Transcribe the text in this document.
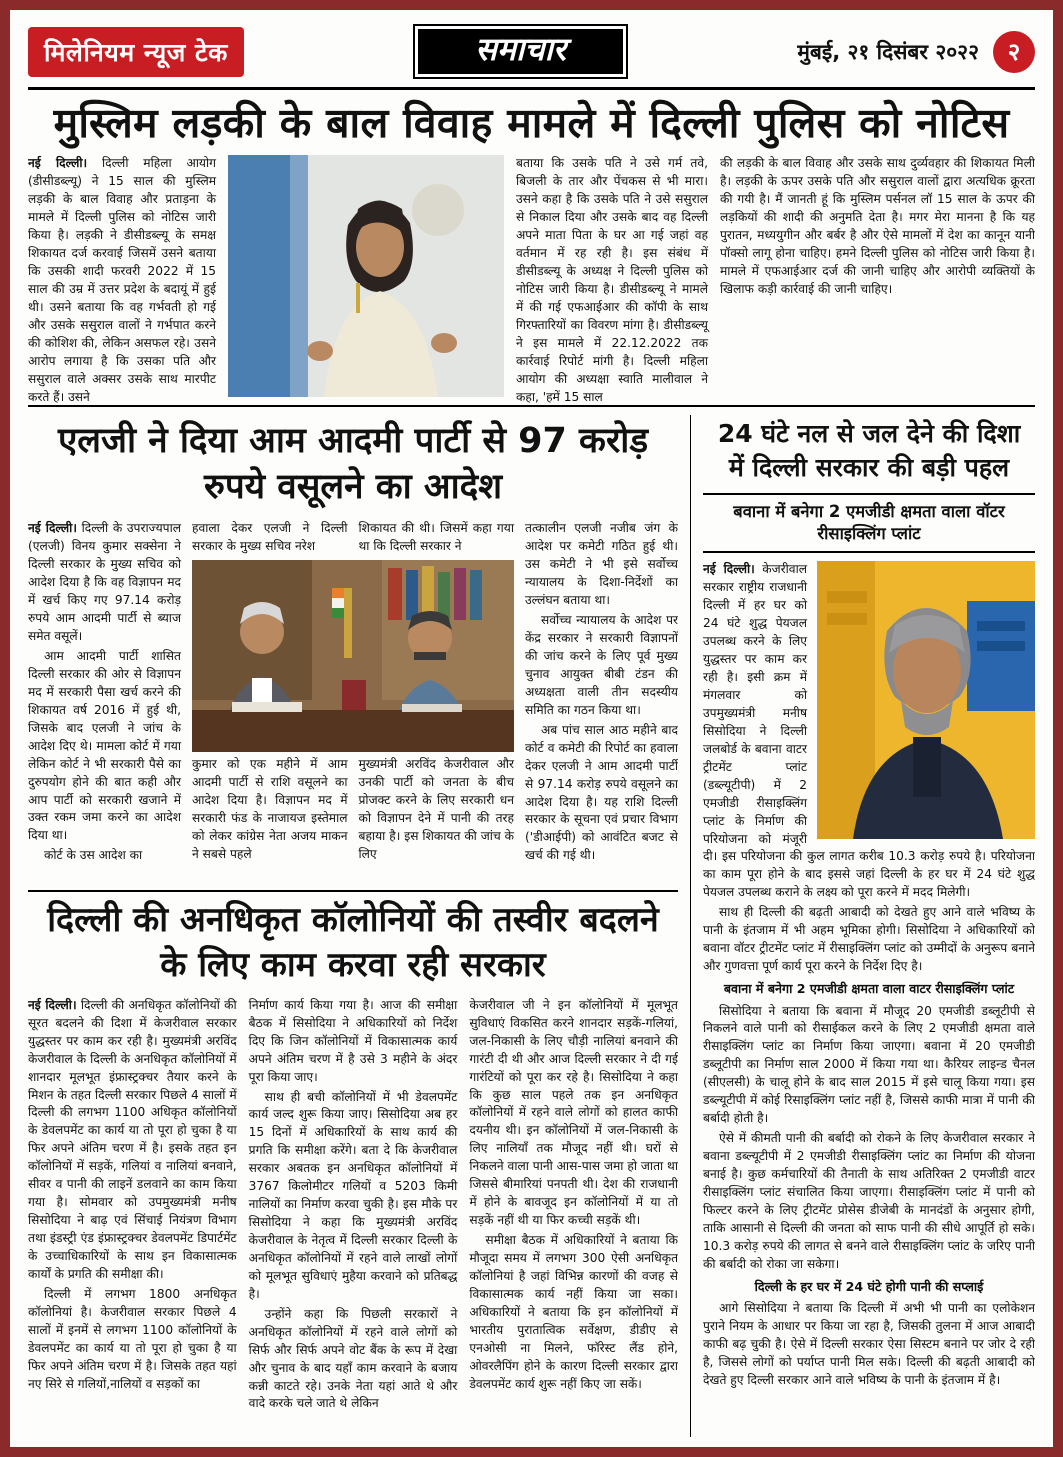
मिलेनियम न्यूज टेक	समाचार	मुंबई, २१ दिसंबर २०२२	२
मुस्लिम लड़की के बाल विवाह मामले में दिल्ली पुलिस को नोटिस

नई दिल्ली। दिल्ली महिला आयोग (डीसीडब्ल्यू) ने 15 साल की मुस्लिम लड़की के बाल विवाह और प्रताड़ना के मामले में दिल्ली पुलिस को नोटिस जारी किया है। लड़की ने डीसीडब्ल्यू के समक्ष शिकायत दर्ज करवाई जिसमें उसने बताया कि उसकी शादी फरवरी 2022 में 15 साल की उम्र में उत्तर प्रदेश के बदायूं में हुई थी। उसने बताया कि वह गर्भवती हो गई और उसके ससुराल वालों ने गर्भपात करने की कोशिश की, लेकिन असफल रहे। उसने आरोप लगाया है कि उसका पति और ससुराल वाले अक्सर उसके साथ मारपीट करते हैं। उसने

बताया कि उसके पति ने उसे गर्म तवे, बिजली के तार और पेंचकस से भी मारा। उसने कहा है कि उसके पति ने उसे ससुराल से निकाल दिया और उसके बाद वह दिल्ली अपने माता पिता के घर आ गई जहां वह वर्तमान में रह रही है। इस संबंध में डीसीडब्ल्यू के अध्यक्ष ने दिल्ली पुलिस को नोटिस जारी किया है। डीसीडब्ल्यू ने मामले में की गई एफआईआर की कॉपी के साथ गिरफ्तारियों का विवरण मांगा है। डीसीडब्ल्यू ने इस मामले में 22.12.2022 तक कार्रवाई रिपोर्ट मांगी है। दिल्ली महिला आयोग की अध्यक्षा स्वाति मालीवाल ने कहा, 'हमें 15 साल

की लड़की के बाल विवाह और उसके साथ दुर्व्यवहार की शिकायत मिली है। लड़की के ऊपर उसके पति और ससुराल वालों द्वारा अत्यधिक क्रूरता की गयी है। मैं जानती हूं कि मुस्लिम पर्सनल लॉ 15 साल के ऊपर की लड़कियों की शादी की अनुमति देता है। मगर मेरा मानना है कि यह पुरातन, मध्ययुगीन और बर्बर है और ऐसे मामलों में देश का कानून यानी पॉक्सो लागू होना चाहिए। हमने दिल्ली पुलिस को नोटिस जारी किया है। मामले में एफआईआर दर्ज की जानी चाहिए और आरोपी व्यक्तियों के खिलाफ कड़ी कार्रवाई की जानी चाहिए।

एलजी ने दिया आम आदमी पार्टी से 97 करोड़ रुपये वसूलने का आदेश

नई दिल्ली। दिल्ली के उपराज्यपाल (एलजी) विनय कुमार सक्सेना ने दिल्ली सरकार के मुख्य सचिव को आदेश दिया है कि वह विज्ञापन मद में खर्च किए गए 97.14 करोड़ रुपये आम आदमी पार्टी से ब्याज समेत वसूलें।

आम आदमी पार्टी शासित दिल्ली सरकार की ओर से विज्ञापन मद में सरकारी पैसा खर्च करने की शिकायत वर्ष 2016 में हुई थी, जिसके बाद एलजी ने जांच के आदेश दिए थे। मामला कोर्ट में गया लेकिन कोर्ट ने भी सरकारी पैसे का दुरुपयोग होने की बात कही और आप पार्टी को सरकारी खजाने में उक्त रकम जमा करने का आदेश दिया था।

कोर्ट के उस आदेश का

हवाला देकर एलजी ने दिल्ली सरकार के मुख्य सचिव नरेश
शिकायत की थी। जिसमें कहा गया था कि दिल्ली सरकार ने
कुमार को एक महीने में आम आदमी पार्टी से राशि वसूलने का आदेश दिया है। विज्ञापन मद में सरकारी फंड के नाजायज इस्तेमाल को लेकर कांग्रेस नेता अजय माकन ने सबसे पहले
मुख्यमंत्री अरविंद केजरीवाल और उनकी पार्टी को जनता के बीच प्रोजक्ट करने के लिए सरकारी धन को विज्ञापन देने में पानी की तरह बहाया है। इस शिकायत की जांच के लिए

तत्कालीन एलजी नजीब जंग के आदेश पर कमेटी गठित हुई थी। उस कमेटी ने भी इसे सर्वोच्च न्यायालय के दिशा-निर्देशों का उल्लंघन बताया था।

सर्वोच्च न्यायालय के आदेश पर केंद्र सरकार ने सरकारी विज्ञापनों की जांच करने के लिए पूर्व मुख्य चुनाव आयुक्त बीबी टंडन की अध्यक्षता वाली तीन सदस्यीय समिति का गठन किया था।

अब पांच साल आठ महीने बाद कोर्ट व कमेटी की रिपोर्ट का हवाला देकर एलजी ने आम आदमी पार्टी से 97.14 करोड़ रुपये वसूलने का आदेश दिया है। यह राशि दिल्ली सरकार के सूचना एवं प्रचार विभाग ('डीआईपी) को आवंटित बजट से खर्च की गई थी।

दिल्ली की अनधिकृत कॉलोनियों की तस्वीर बदलने के लिए काम करवा रही सरकार

नई दिल्ली। दिल्ली की अनधिकृत कॉलोनियों की सूरत बदलने की दिशा में केजरीवाल सरकार युद्धस्तर पर काम कर रही है। मुख्यमंत्री अरविंद केजरीवाल के दिल्ली के अनधिकृत कॉलोनियों में शानदार मूलभूत इंफ्रास्ट्रक्चर तैयार करने के मिशन के तहत दिल्ली सरकार पिछले 4 सालों में दिल्ली की लगभग 1100 अधिकृत कॉलोनियों के डेवलपमेंट का कार्य या तो पूरा हो चुका है या फिर अपने अंतिम चरण में है। इसके तहत इन कॉलोनियों में सड़कें, गलियां व नालियां बनवाने, सीवर व पानी की लाइनें डलवाने का काम किया गया है। सोमवार को उपमुख्यमंत्री मनीष सिसोदिया ने बाढ़ एवं सिंचाई नियंत्रण विभाग तथा इंडस्ट्री एंड इंफ्रास्ट्रक्चर डेवलपमेंट डिपार्टमेंट के उच्चाधिकारियों के साथ इन विकासात्मक कार्यों के प्रगति की समीक्षा की।

दिल्ली में लगभग 1800 अनधिकृत कॉलोनियां है। केजरीवाल सरकार पिछले 4 सालों में इनमें से लगभग 1100 कॉलोनियों के डेवलपमेंट का कार्य या तो पूरा हो चुका है या फिर अपने अंतिम चरण में है। जिसके तहत यहां नए सिरे से गलियों,नालियों व सड़कों का

निर्माण कार्य किया गया है। आज की समीक्षा बैठक में सिसोदिया ने अधिकारियों को निर्देश दिए कि जिन कॉलोनियों में विकासात्मक कार्य अपने अंतिम चरण में है उसे 3 महीने के अंदर पूरा किया जाए।

साथ ही बची कॉलोनियों में भी डेवलपमेंट कार्य जल्द शुरू किया जाए। सिसोदिया अब हर 15 दिनों में अधिकारियों के साथ कार्य की प्रगति कि समीक्षा करेंगे। बता दे कि केजरीवाल सरकार अबतक इन अनधिकृत कॉलोनियों में 3767 किलोमीटर गलियों व 5203 किमी नालियों का निर्माण करवा चुकी है। इस मौके पर सिसोदिया ने कहा कि मुख्यमंत्री अरविंद केजरीवाल के नेतृत्व में दिल्ली सरकार दिल्ली के अनधिकृत कॉलोनियों में रहने वाले लाखों लोगों को मूलभूत सुविधाएं मुहैया करवाने को प्रतिबद्ध है।

उन्होंने कहा कि पिछली सरकारों ने अनधिकृत कॉलोनियों में रहने वाले लोगों को सिर्फ और सिर्फ अपने वोट बैंक के रूप में देखा और चुनाव के बाद यहाँ काम करवाने के बजाय कन्नी काटते रहे। उनके नेता यहां आते थे और वादे करके चले जाते थे लेकिन

केजरीवाल जी ने इन कॉलोनियों में मूलभूत सुविधाएं विकसित करने शानदार सड़कें-गलियां, जल-निकासी के लिए चौड़ी नालियां बनवाने की गारंटी दी थी और आज दिल्ली सरकार ने दी गई गारंटियों को पूरा कर रहे है। सिसोदिया ने कहा कि कुछ साल पहले तक इन अनधिकृत कॉलोनियों में रहने वाले लोगों को हालत काफी दयनीय थी। इन कॉलोनियों में जल-निकासी के लिए नालियाँ तक मौजूद नहीं थी। घरों से निकलने वाला पानी आस-पास जमा हो जाता था जिससे बीमारियां पनपती थी। देश की राजधानी में होने के बावजूद इन कॉलोनियों में या तो सड़कें नहीं थी या फिर कच्ची सड़कें थी।

समीक्षा बैठक में अधिकारियों ने बताया कि मौजूदा समय में लगभग 300 ऐसी अनधिकृत कॉलोनियां है जहां विभिन्न कारणों की वजह से विकासात्मक कार्य नहीं किया जा सका। अधिकारियों ने बताया कि इन कॉलोनियों में भारतीय पुरातात्विक सर्वेक्षण, डीडीए से एनओसी ना मिलने, फॉरेस्ट लैंड होने, ओवरलैपिंग होने के कारण दिल्ली सरकार द्वारा डेवलपमेंट कार्य शुरू नहीं किए जा सकें।

24 घंटे नल से जल देने की दिशा में दिल्ली सरकार की बड़ी पहल
बवाना में बनेगा 2 एमजीडी क्षमता वाला वॉटर रीसाइक्लिंग प्लांट

नई दिल्ली। केजरीवाल सरकार राष्ट्रीय राजधानी दिल्ली में हर घर को 24 घंटे शुद्ध पेयजल उपलब्ध करने के लिए युद्धस्तर पर काम कर रही है। इसी क्रम में मंगलवार को उपमुख्यमंत्री मनीष सिसोदिया ने दिल्ली जलबोर्ड के बवाना वाटर ट्रीटमेंट प्लांट (डब्ल्यूटीपी) में 2 एमजीडी रीसाइक्लिंग प्लांट के निर्माण की परियोजना को मंजूरी दी। इस परियोजना की कुल लागत करीब 10.3 करोड़ रुपये है। परियोजना का काम पूरा होने के बाद इससे जहां दिल्ली के हर घर में 24 घंटे शुद्ध पेयजल उपलब्ध कराने के लक्ष्य को पूरा करने में मदद मिलेगी।

साथ ही दिल्ली की बढ़ती आबादी को देखते हुए आने वाले भविष्य के पानी के इंतजाम में भी अहम भूमिका होगी। सिसोदिया ने अधिकारियों को बवाना वॉटर ट्रीटमेंट प्लांट में रीसाइक्लिंग प्लांट को उम्मीदों के अनुरूप बनाने और गुणवत्ता पूर्ण कार्य पूरा करने के निर्देश दिए है।

बवाना में बनेगा 2 एमजीडी क्षमता वाला वाटर रीसाइक्लिंग प्लांट

सिसोदिया ने बताया कि बवाना में मौजूद 20 एमजीडी डब्लूटीपी से निकलने वाले पानी को रीसाईकल करने के लिए 2 एमजीडी क्षमता वाले रीसाइक्लिंग प्लांट का निर्माण किया जाएगा। बवाना में 20 एमजीडी डब्लूटीपी का निर्माण साल 2000 में किया गया था। कैरियर लाइन्ड चैनल (सीएलसी) के चालू होने के बाद साल 2015 में इसे चालू किया गया। इस डब्ल्यूटीपी में कोई रिसाइक्लिंग प्लांट नहीं है, जिससे काफी मात्रा में पानी की बर्बादी होती है।

ऐसे में कीमती पानी की बर्बादी को रोकने के लिए केजरीवाल सरकार ने बवाना डब्ल्यूटीपी में 2 एमजीडी रीसाइक्लिंग प्लांट का निर्माण की योजना बनाई है। कुछ कर्मचारियों की तैनाती के साथ अतिरिक्त 2 एमजीडी वाटर रीसाइक्लिंग प्लांट संचालित किया जाएगा। रीसाइक्लिंग प्लांट में पानी को फिल्टर करने के लिए ट्रीटमेंट प्रोसेस डीजेबी के मानदंडों के अनुसार होगी, ताकि आसानी से दिल्ली की जनता को साफ पानी की सीधे आपूर्ति हो सके। 10.3 करोड़ रुपये की लागत से बनने वाले रीसाइक्लिंग प्लांट के जरिए पानी की बर्बादी को रोका जा सकेगा।

दिल्ली के हर घर में 24 घंटे होगी पानी की सप्लाई

आगे सिसोदिया ने बताया कि दिल्ली में अभी भी पानी का एलोकेशन पुराने नियम के आधार पर किया जा रहा है, जिसकी तुलना में आज आबादी काफी बढ़ चुकी है। ऐसे में दिल्ली सरकार ऐसा सिस्टम बनाने पर जोर दे रही है, जिससे लोगों को पर्याप्त पानी मिल सके। दिल्ली की बढ़ती आबादी को देखते हुए दिल्ली सरकार आने वाले भविष्य के पानी के इंतजाम में है।
